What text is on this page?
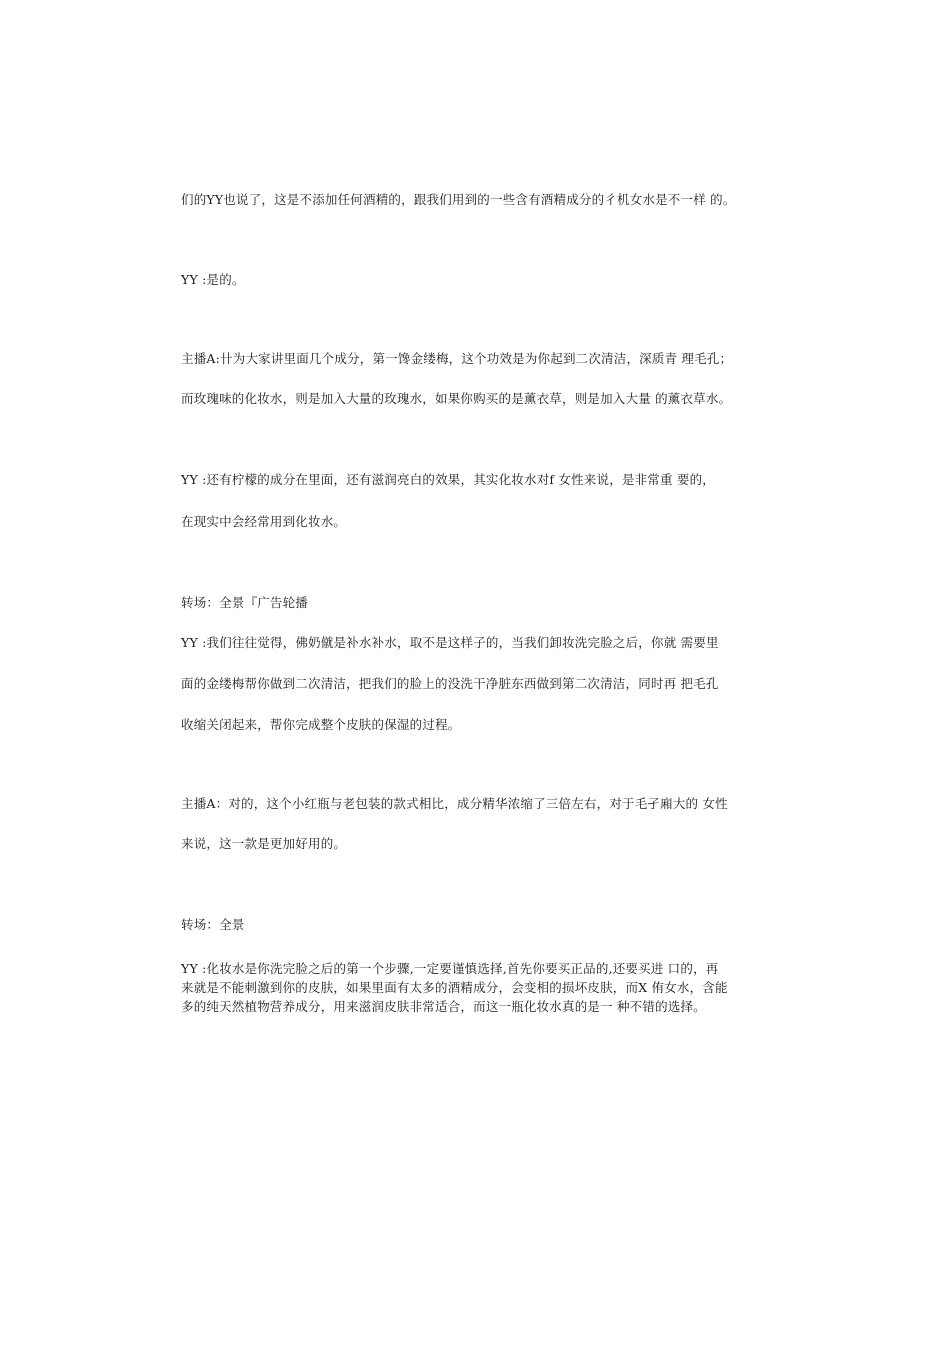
们的YY也说了，这是不添加任何酒精的，跟我们用到的一些含有酒精成分的彳机女水是不一样 的。
YY :是的。
主播A:卄为大家讲里面几个成分，第一馋金缕梅，这个功效是为你起到二次清洁，深质青 理毛孔；
而玫瑰味的化妆水，则是加入大量的玫瑰水，如果你购买的是薰衣草，则是加入大量 的薰衣草水。
YY :还有柠檬的成分在里面，还有滋润亮白的效果，其实化妆水对f 女性来说，是非常重 要的，
在现实中会经常用到化妆水。
转场：全景『广告轮播
YY :我们往往觉得，佛奶僦是补水补水，取不是这样子的，当我们卸妆洗完脸之后，你就 需要里
面的金缕梅帮你做到二次清洁，把我们的脸上的没洗干净脏东西做到第二次清洁，同时再 把毛孔
收缩关闭起来，帮你完成整个皮肤的保湿的过程。
主播A：对的，这个小红瓶与老包装的款式相比，成分精华浓缩了三倍左右，对于毛孑廂大的 女性
来说，这一款是更加好用的。
转场：全景
YY :化妆水是你洗完脸之后的第一个步骤,一定要谨慎选择,首先你要买正品的,还要买进 口的，再
来就是不能刺激到你的皮肤，如果里面有太多的酒精成分，会变相的损坏皮肤，而X 侑女水，含能
多的纯天然植物营养成分，用来滋润皮肤非常适合，而这一瓶化妆水真的是一 种不错的选择。
